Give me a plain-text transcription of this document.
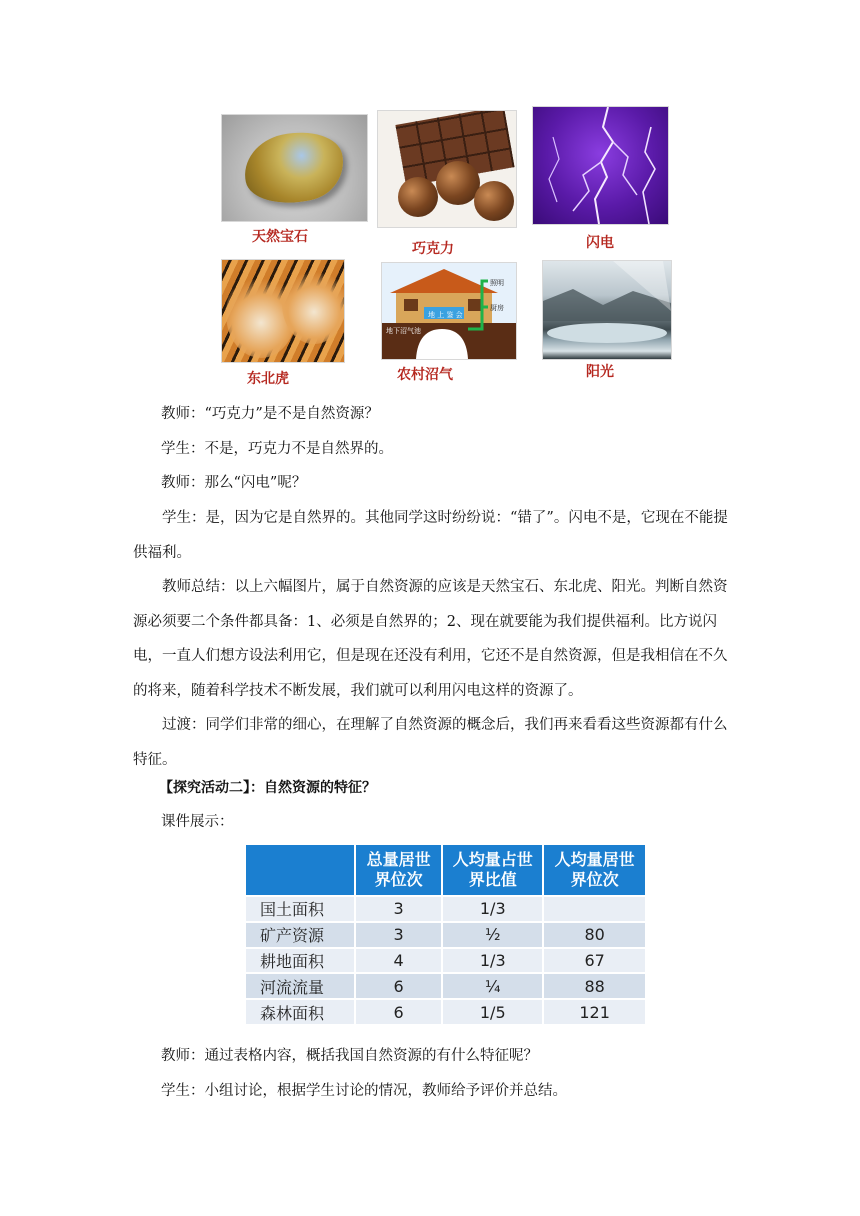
天然宝石
巧克力	闪电
东北虎
照明
厨房
地下沼气池
地 上 鉴 会
农村沼气	阳光

教师：“巧克力”是不是自然资源？

学生：不是，巧克力不是自然界的。

教师：那么“闪电”呢？

学生：是，因为它是自然界的。其他同学这时纷纷说：“错了”。闪电不是，它现在不能提供福利。

教师总结：以上六幅图片，属于自然资源的应该是天然宝石、东北虎、阳光。判断自然资源必须要二个条件都具备：1、必须是自然界的；2、现在就要能为我们提供福利。比方说闪电，一直人们想方设法利用它，但是现在还没有利用，它还不是自然资源，但是我相信在不久的将来，随着科学技术不断发展，我们就可以利用闪电这样的资源了。

过渡：同学们非常的细心，在理解了自然资源的概念后，我们再来看看这些资源都有什么特征。

【探究活动二】：自然资源的特征？

课件展示：

	总量居世界位次	人均量占世界比值	人均量居世界位次
国土面积	3	1/3	
矿产资源	3	½	80
耕地面积	4	1/3	67
河流流量	6	¼	88
森林面积	6	1/5	121

教师：通过表格内容，概括我国自然资源的有什么特征呢？

学生：小组讨论，根据学生讨论的情况，教师给予评价并总结。
